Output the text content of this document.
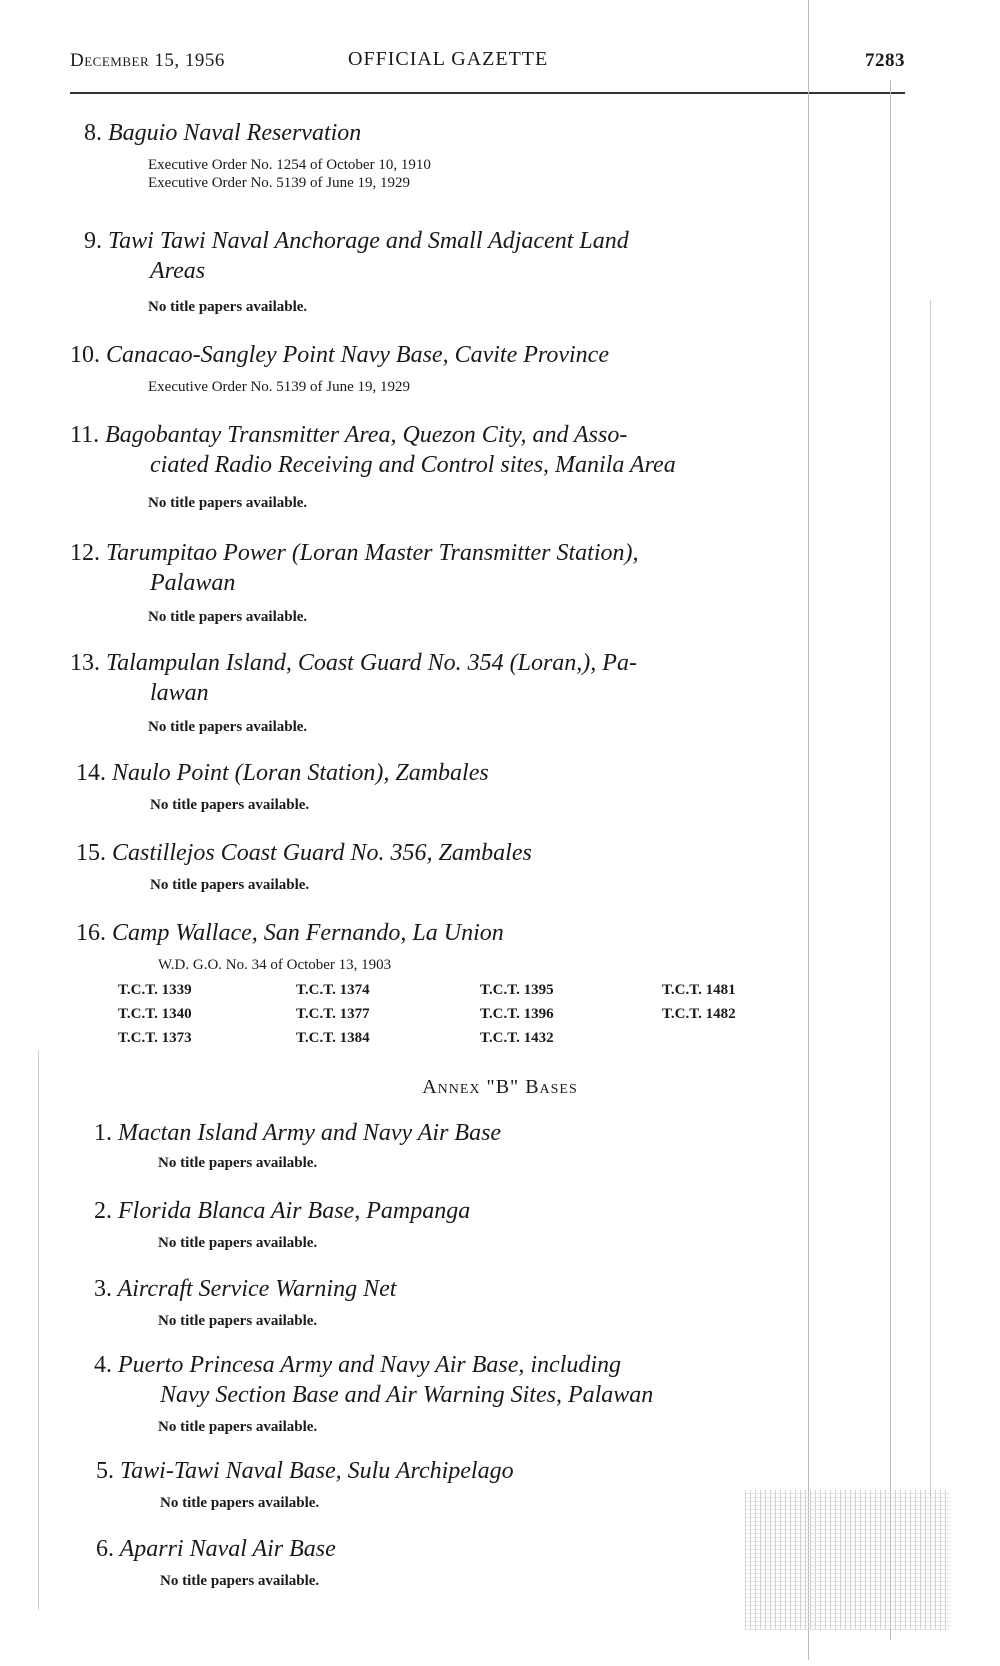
December 15, 1956	OFFICIAL GAZETTE	7283
8. Baguio Naval Reservation
Executive Order No. 1254 of October 10, 1910
Executive Order No. 5139 of June 19, 1929
9. Tawi Tawi Naval Anchorage and Small Adjacent Land
Areas
No title papers available.
10. Canacao-Sangley Point Navy Base, Cavite Province
Executive Order No. 5139 of June 19, 1929
11. Bagobantay Transmitter Area, Quezon City, and Asso-
ciated Radio Receiving and Control sites, Manila Area
No title papers available.
12. Tarumpitao Power (Loran Master Transmitter Station),
Palawan
No title papers available.
13. Talampulan Island, Coast Guard No. 354 (Loran,), Pa-
lawan
No title papers available.
14. Naulo Point (Loran Station), Zambales
No title papers available.
15. Castillejos Coast Guard No. 356, Zambales
No title papers available.
16. Camp Wallace, San Fernando, La Union
W.D. G.O. No. 34 of October 13, 1903
T.C.T. 1339	T.C.T. 1374	T.C.T. 1395	T.C.T. 1481
T.C.T. 1340	T.C.T. 1377	T.C.T. 1396	T.C.T. 1482
T.C.T. 1373	T.C.T. 1384	T.C.T. 1432
Annex "B" Bases
1. Mactan Island Army and Navy Air Base
No title papers available.
2. Florida Blanca Air Base, Pampanga
No title papers available.
3. Aircraft Service Warning Net
No title papers available.
4. Puerto Princesa Army and Navy Air Base, including
Navy Section Base and Air Warning Sites, Palawan
No title papers available.
5. Tawi-Tawi Naval Base, Sulu Archipelago
No title papers available.
6. Aparri Naval Air Base
No title papers available.
